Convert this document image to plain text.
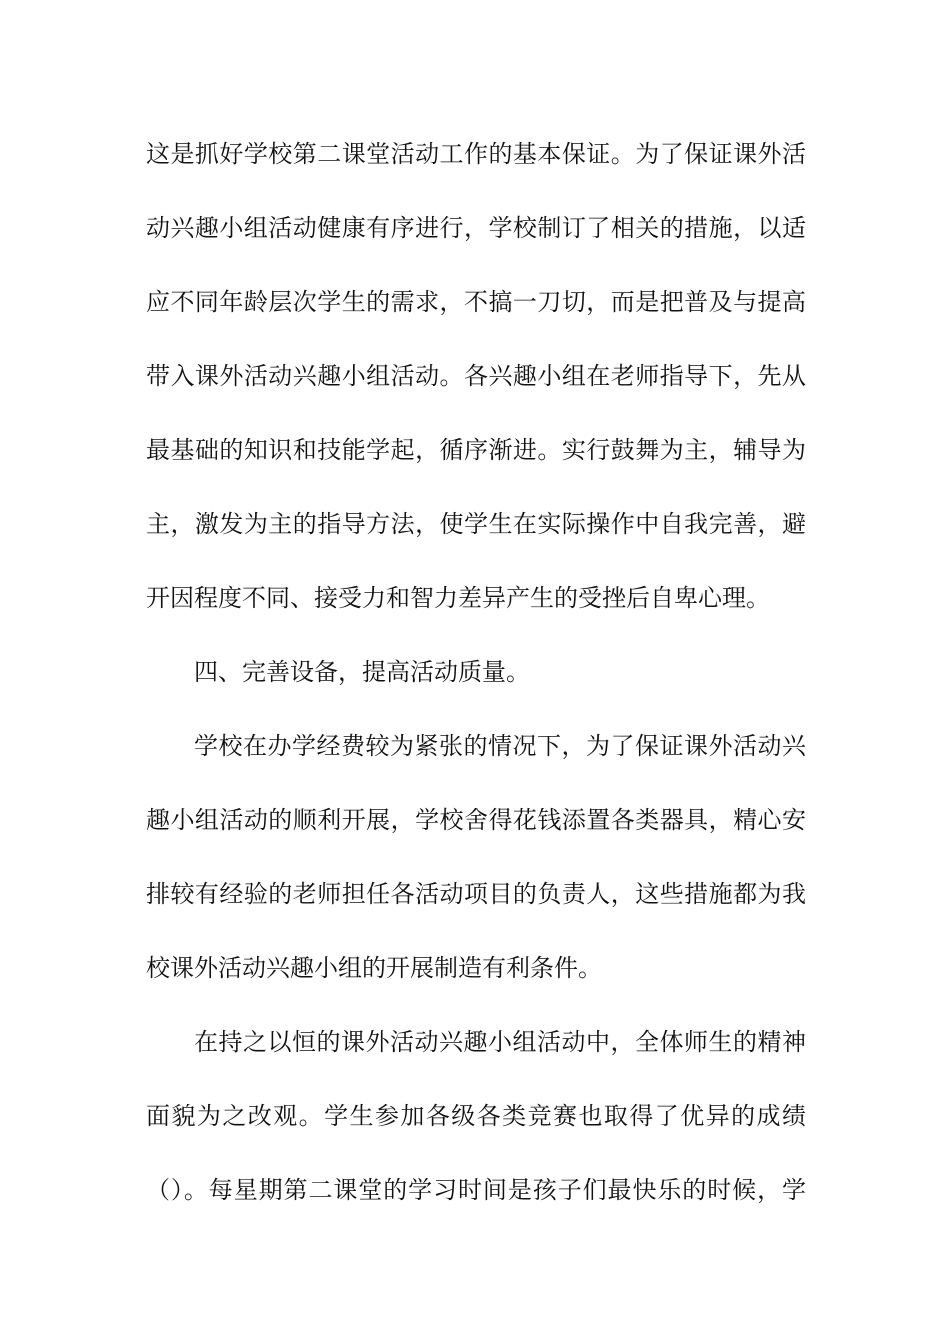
这是抓好学校第二课堂活动工作的基本保证。为了保证课外活
动兴趣小组活动健康有序进行，学校制订了相关的措施，以适
应不同年龄层次学生的需求，不搞一刀切，而是把普及与提高
带入课外活动兴趣小组活动。各兴趣小组在老师指导下，先从
最基础的知识和技能学起，循序渐进。实行鼓舞为主，辅导为
主，激发为主的指导方法，使学生在实际操作中自我完善，避
开因程度不同、接受力和智力差异产生的受挫后自卑心理。
四、完善设备，提高活动质量。
学校在办学经费较为紧张的情况下，为了保证课外活动兴
趣小组活动的顺利开展，学校舍得花钱添置各类器具，精心安
排较有经验的老师担任各活动项目的负责人，这些措施都为我
校课外活动兴趣小组的开展制造有利条件。
在持之以恒的课外活动兴趣小组活动中，全体师生的精神
面貌为之改观。学生参加各级各类竞赛也取得了优异的成绩
（）。每星期第二课堂的学习时间是孩子们最快乐的时候，学
